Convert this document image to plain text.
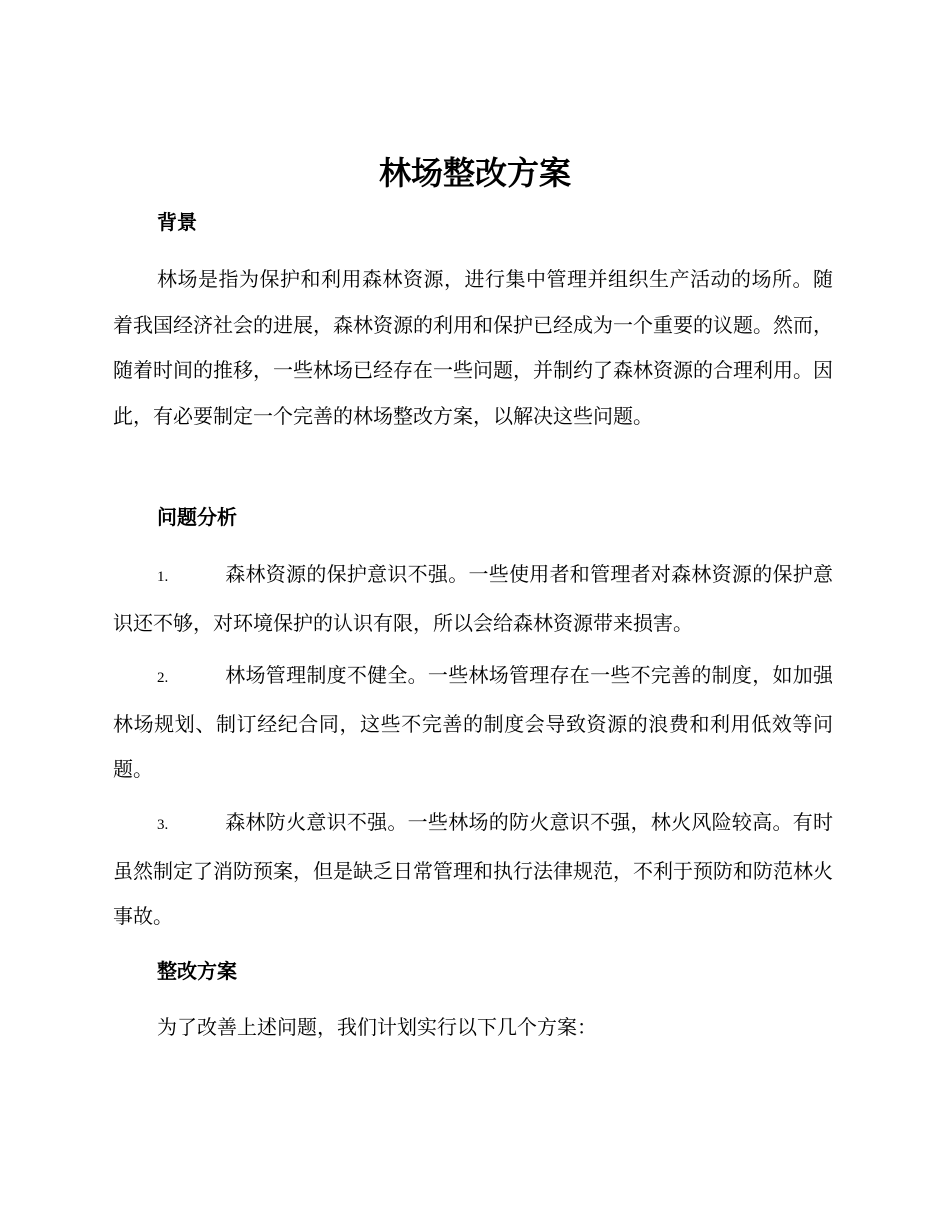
林场整改方案
背景

林场是指为保护和利用森林资源，进行集中管理并组织生产活动的场所。随着我国经济社会的进展，森林资源的利用和保护已经成为一个重要的议题。然而，随着时间的推移，一些林场已经存在一些问题，并制约了森林资源的合理利用。因此，有必要制定一个完善的林场整改方案，以解决这些问题。

问题分析

1.	森林资源的保护意识不强。一些使用者和管理者对森林资源的保护意识还不够，对环境保护的认识有限，所以会给森林资源带来损害。

2.	林场管理制度不健全。一些林场管理存在一些不完善的制度，如加强林场规划、制订经纪合同，这些不完善的制度会导致资源的浪费和利用低效等问题。

3.	森林防火意识不强。一些林场的防火意识不强，林火风险较高。有时虽然制定了消防预案，但是缺乏日常管理和执行法律规范，不利于预防和防范林火事故。

整改方案

为了改善上述问题，我们计划实行以下几个方案：
